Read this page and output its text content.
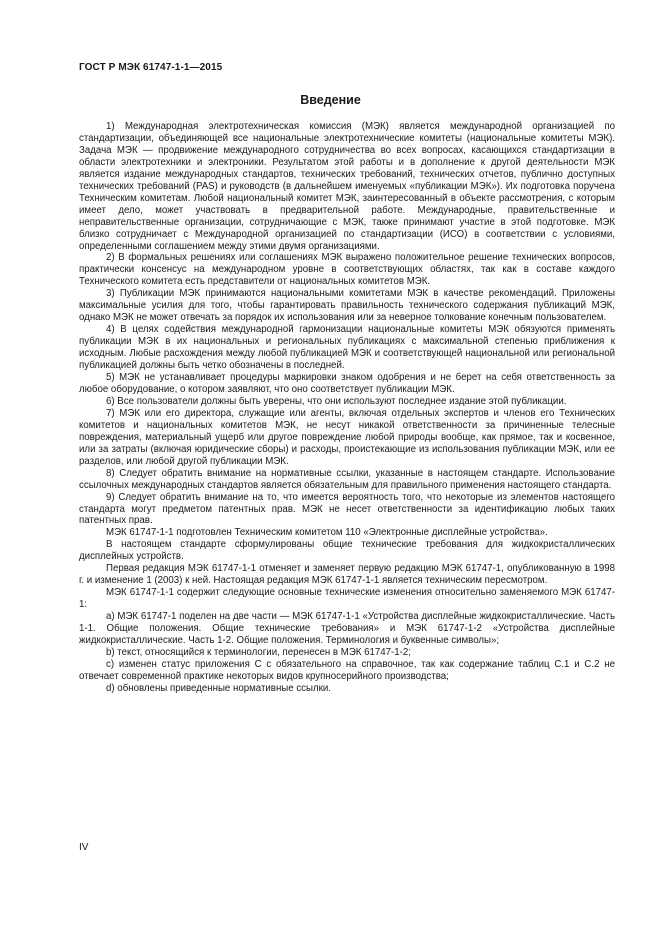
ГОСТ Р МЭК 61747-1-1—2015
Введение

1) Международная электротехническая комиссия (МЭК) является международной организацией по стандартизации, объединяющей все национальные электротехнические комитеты (национальные комитеты МЭК). Задача МЭК — продвижение международного сотрудничества во всех вопросах, касающихся стандартизации в области электротехники и электроники. Результатом этой работы и в дополнение к другой деятельности МЭК является издание международных стандартов, технических требований, технических отчетов, публично доступных технических требований (PAS) и руководств (в дальнейшем именуемых «публикации МЭК»). Их подготовка поручена Техническим комитетам. Любой национальный комитет МЭК, заинтересованный в объекте рассмотрения, с которым имеет дело, может участвовать в предварительной работе. Международные, правительственные и неправительственные организации, сотрудничающие с МЭК, также принимают участие в этой подготовке. МЭК близко сотрудничает с Международной организацией по стандартизации (ИСО) в соответствии с условиями, определенными соглашением между этими двумя организациями.

2) В формальных решениях или соглашениях МЭК выражено положительное решение технических вопросов, практически консенсус на международном уровне в соответствующих областях, так как в составе каждого Технического комитета есть представители от национальных комитетов МЭК.

3) Публикации МЭК принимаются национальными комитетами МЭК в качестве рекомендаций. Приложены максимальные усилия для того, чтобы гарантировать правильность технического содержания публикаций МЭК, однако МЭК не может отвечать за порядок их использования или за неверное толкование конечным пользователем.

4) В целях содействия международной гармонизации национальные комитеты МЭК обязуются применять публикации МЭК в их национальных и региональных публикациях с максимальной степенью приближения к исходным. Любые расхождения между любой публикацией МЭК и соответствующей национальной или региональной публикацией должны быть четко обозначены в последней.

5) МЭК не устанавливает процедуры маркировки знаком одобрения и не берет на себя ответственность за любое оборудование, о котором заявляют, что оно соответствует публикации МЭК.

6) Все пользователи должны быть уверены, что они используют последнее издание этой публикации.

7) МЭК или его директора, служащие или агенты, включая отдельных экспертов и членов его Технических комитетов и национальных комитетов МЭК, не несут никакой ответственности за причиненные телесные повреждения, материальный ущерб или другое повреждение любой природы вообще, как прямое, так и косвенное, или за затраты (включая юридические сборы) и расходы, проистекающие из использования публикации МЭК, или ее разделов, или любой другой публикации МЭК.

8) Следует обратить внимание на нормативные ссылки, указанные в настоящем стандарте. Использование ссылочных международных стандартов является обязательным для правильного применения настоящего стандарта.

9) Следует обратить внимание на то, что имеется вероятность того, что некоторые из элементов настоящего стандарта могут предметом патентных прав. МЭК не несет ответственности за идентификацию любых таких патентных прав.

МЭК 61747-1-1 подготовлен Техническим комитетом 110 «Электронные дисплейные устройства».

В настоящем стандарте сформулированы общие технические требования для жидкокристаллических дисплейных устройств.

Первая редакция МЭК 61747-1-1 отменяет и заменяет первую редакцию МЭК 61747-1, опубликованную в 1998 г. и изменение 1 (2003) к ней. Настоящая редакция МЭК 61747-1-1 является техническим пересмотром.

МЭК 61747-1-1 содержит следующие основные технические изменения относительно заменяемого МЭК 61747-1:

a) МЭК 61747-1 поделен на две части — МЭК 61747-1-1 «Устройства дисплейные жидкокристаллические. Часть 1-1. Общие положения. Общие технические требования» и МЭК 61747-1-2 «Устройства дисплейные жидкокристаллические. Часть 1-2. Общие положения. Терминология и буквенные символы»;

b) текст, относящийся к терминологии, перенесен в МЭК 61747-1-2;

c) изменен статус приложения C с обязательного на справочное, так как содержание таблиц С.1 и С.2 не отвечает современной практике некоторых видов крупносерийного производства;

d) обновлены приведенные нормативные ссылки.

IV
